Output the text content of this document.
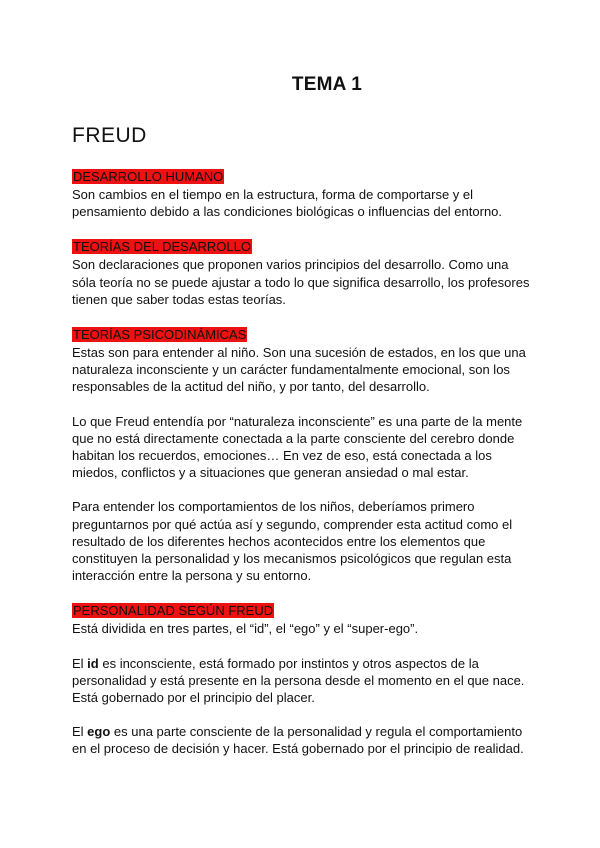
TEMA 1
FREUD
DESARROLLO HUMANO

Son cambios en el tiempo en la estructura, forma de comportarse y el pensamiento debido a las condiciones biológicas o influencias del entorno.

TEORÍAS DEL DESARROLLO

Son declaraciones que proponen varios principios del desarrollo. Como una sóla teoría no se puede ajustar a todo lo que significa desarrollo, los profesores tienen que saber todas estas teorías.

TEORÍAS PSICODINÁMICAS

Estas son para entender al niño. Son una sucesión de estados, en los que una naturaleza inconsciente y un carácter fundamentalmente emocional, son los responsables de la actitud del niño, y por tanto, del desarrollo.

Lo que Freud entendía por “naturaleza inconsciente” es una parte de la mente que no está directamente conectada a la parte consciente del cerebro donde habitan los recuerdos, emociones… En vez de eso, está conectada a los miedos, conflictos y a situaciones que generan ansiedad o mal estar.

Para entender los comportamientos de los niños, deberíamos primero preguntarnos por qué actúa así y segundo, comprender esta actitud como el resultado de los diferentes hechos acontecidos entre los elementos que constituyen la personalidad y los mecanismos psicológicos que regulan esta interacción entre la persona y su entorno.

PERSONALIDAD SEGÚN FREUD

Está dividida en tres partes, el “id”, el “ego” y el “super-ego”.

El id es inconsciente, está formado por instintos y otros aspectos de la personalidad y está presente en la persona desde el momento en el que nace. Está gobernado por el principio del placer.

El ego es una parte consciente de la personalidad y regula el comportamiento en el proceso de decisión y hacer. Está gobernado por el principio de realidad.
